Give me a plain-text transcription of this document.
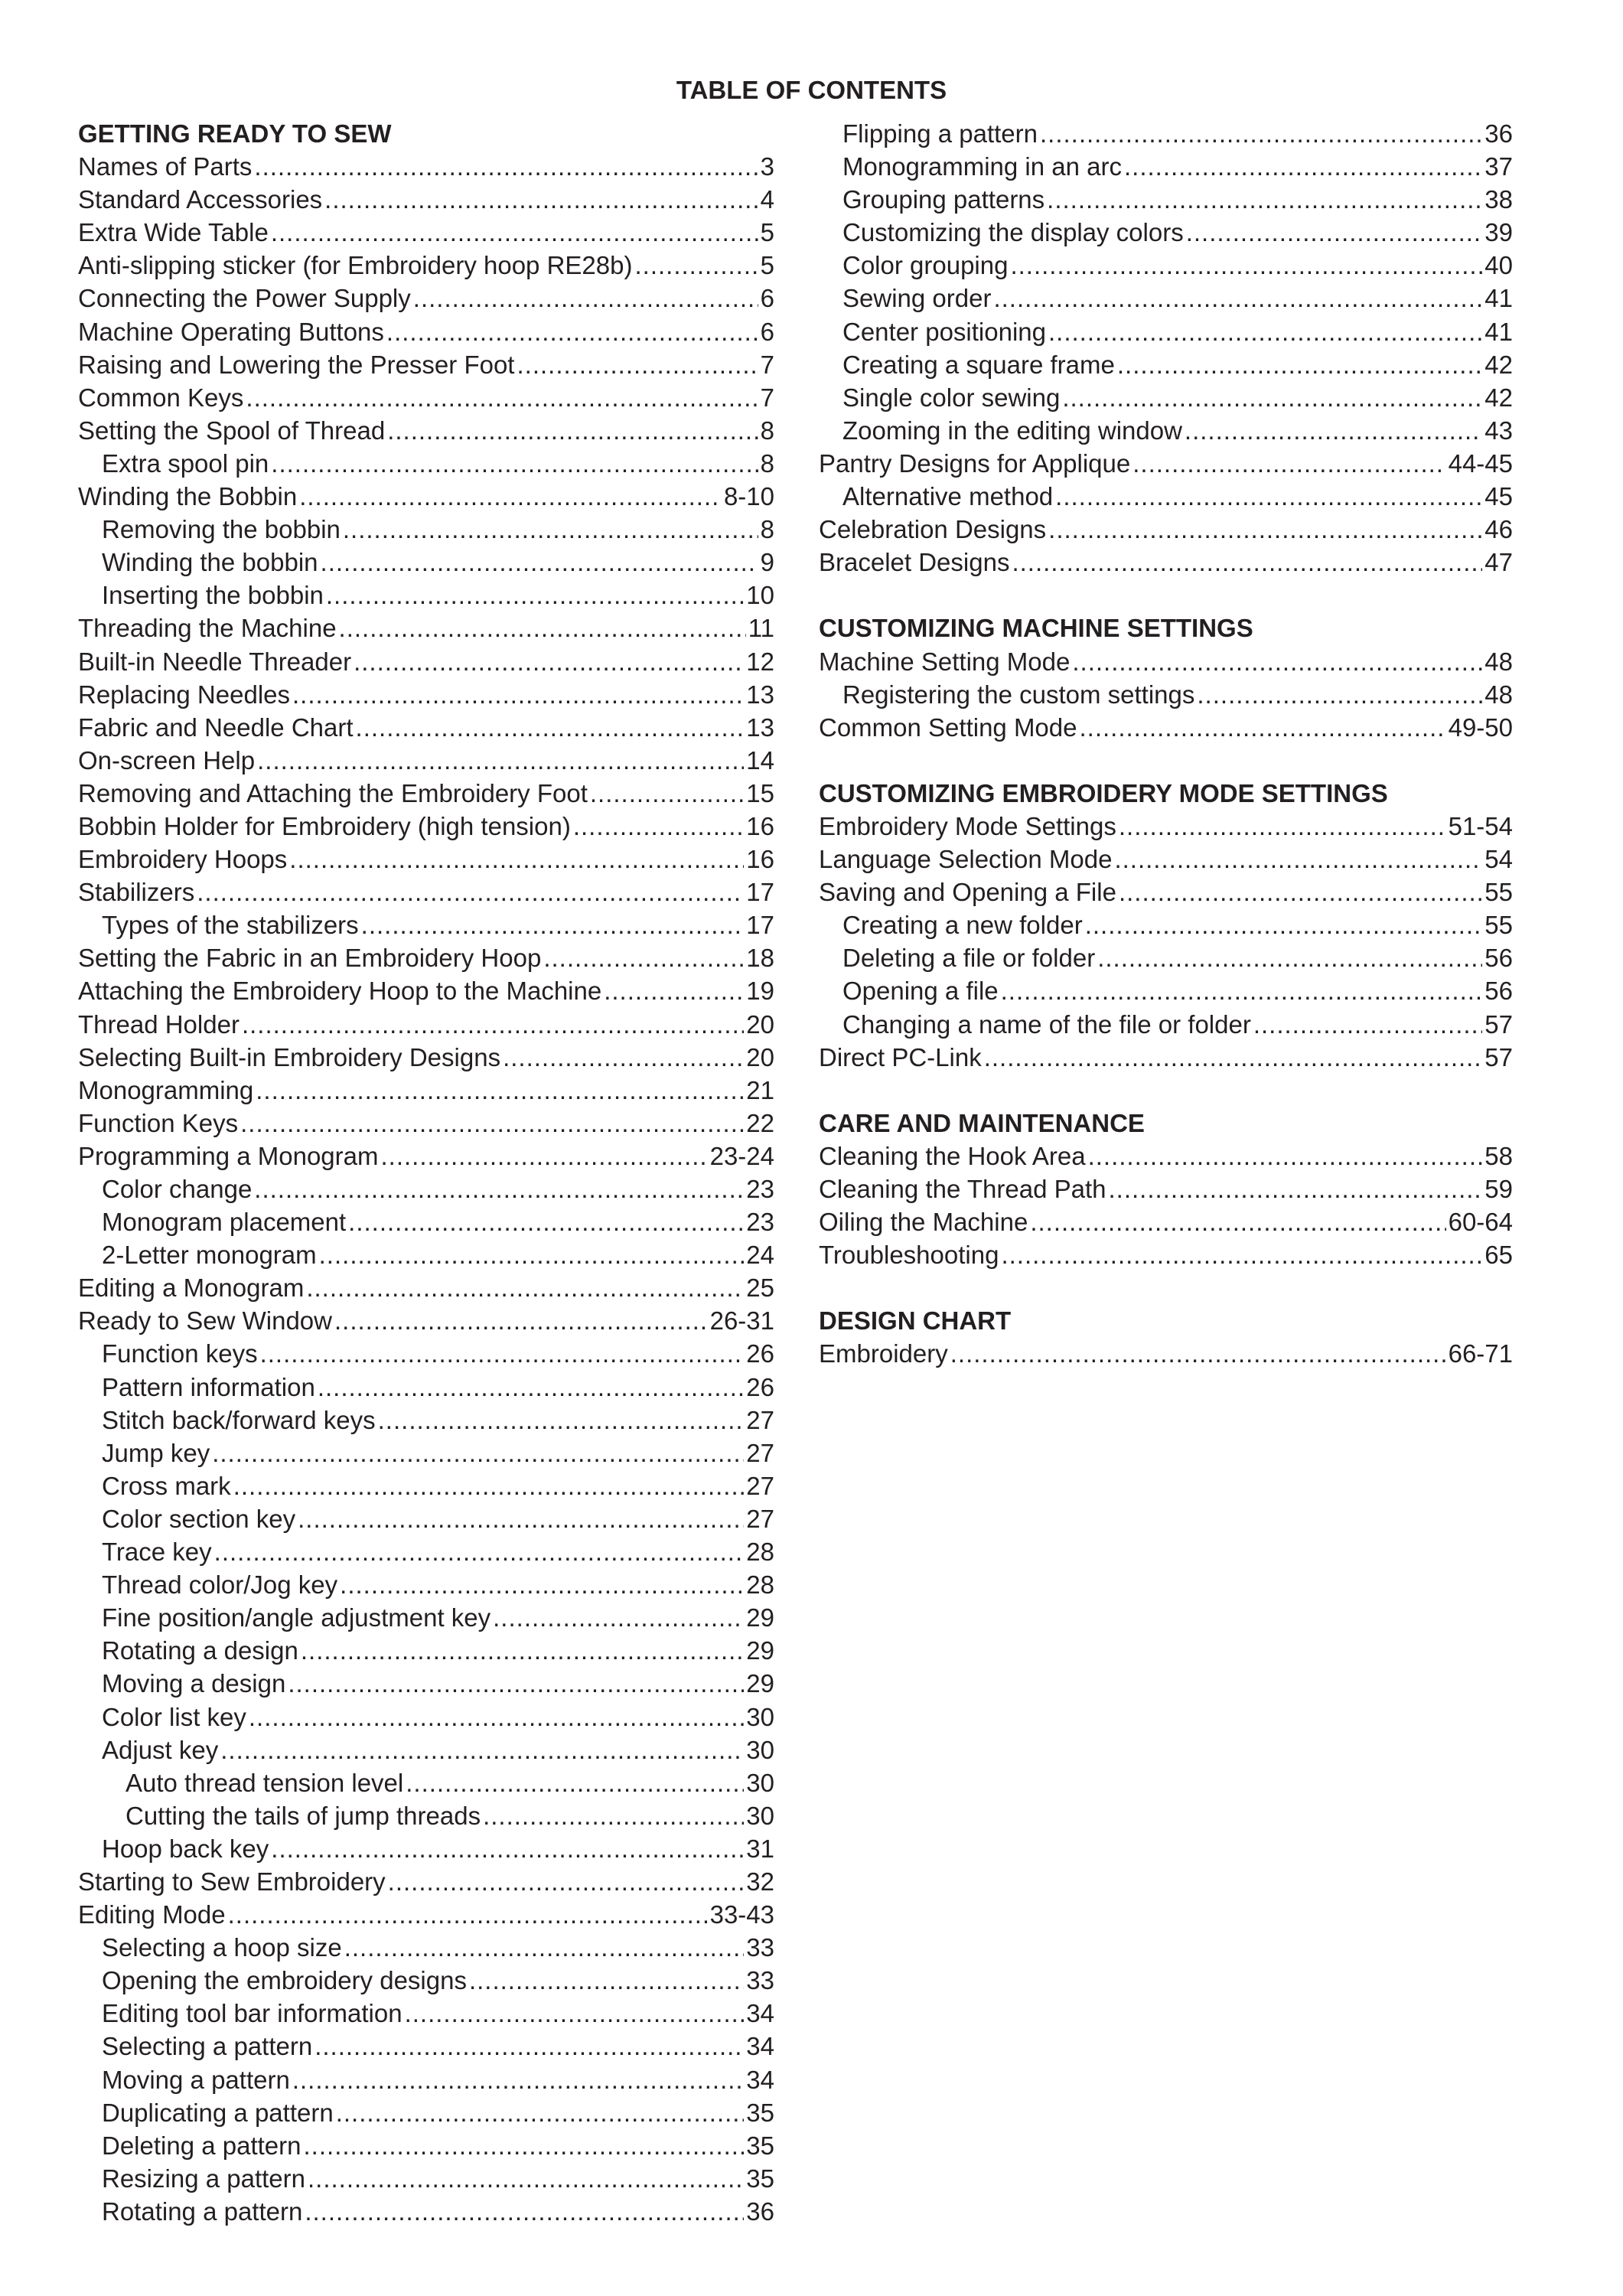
TABLE OF CONTENTS
GETTING READY TO SEW
Names of Parts .....	3
Standard Accessories .....	4
Extra Wide Table .....	5
Anti-slipping sticker (for Embroidery hoop RE28b) .....	5
Connecting the Power Supply .....	6
Machine Operating Buttons .....	6
Raising and Lowering the Presser Foot .....	7
Common Keys .....	7
Setting the Spool of Thread .....	8
Extra spool pin .....	8
Winding the Bobbin .....	8-10
Removing the bobbin .....	8
Winding the bobbin .....	9
Inserting the bobbin .....	10
Threading the Machine .....	11
Built-in Needle Threader .....	12
Replacing Needles .....	13
Fabric and Needle Chart .....	13
On-screen Help .....	14
Removing and Attaching the Embroidery Foot .....	15
Bobbin Holder for Embroidery (high tension) .....	16
Embroidery Hoops .....	16
Stabilizers .....	17
Types of the stabilizers .....	17
Setting the Fabric in an Embroidery Hoop .....	18
Attaching the Embroidery Hoop to the Machine .....	19
Thread Holder .....	20
Selecting Built-in Embroidery Designs .....	20
Monogramming .....	21
Function Keys .....	22
Programming a Monogram .....	23-24
Color change .....	23
Monogram placement .....	23
2-Letter monogram .....	24
Editing a Monogram .....	25
Ready to Sew Window .....	26-31
Function keys .....	26
Pattern information .....	26
Stitch back/forward keys .....	27
Jump key .....	27
Cross mark .....	27
Color section key .....	27
Trace key .....	28
Thread color/Jog key .....	28
Fine position/angle adjustment key .....	29
Rotating a design .....	29
Moving a design .....	29
Color list key .....	30
Adjust key .....	30
Auto thread tension level .....	30
Cutting the tails of jump threads .....	30
Hoop back key .....	31
Starting to Sew Embroidery .....	32
Editing Mode .....	33-43
Selecting a hoop size .....	33
Opening the embroidery designs .....	33
Editing tool bar information .....	34
Selecting a pattern .....	34
Moving a pattern .....	34
Duplicating a pattern .....	35
Deleting a pattern .....	35
Resizing a pattern .....	35
Rotating a pattern .....	36
Flipping a pattern .....	36
Monogramming in an arc .....	37
Grouping patterns .....	38
Customizing the display colors .....	39
Color grouping .....	40
Sewing order .....	41
Center positioning .....	41
Creating a square frame .....	42
Single color sewing .....	42
Zooming in the editing window .....	43
Pantry Designs for Applique .....	44-45
Alternative method .....	45
Celebration Designs .....	46
Bracelet Designs .....	47
CUSTOMIZING MACHINE SETTINGS
Machine Setting Mode .....	48
Registering the custom settings .....	48
Common Setting Mode .....	49-50
CUSTOMIZING EMBROIDERY MODE SETTINGS
Embroidery Mode Settings .....	51-54
Language Selection Mode .....	54
Saving and Opening a File .....	55
Creating a new folder .....	55
Deleting a file or folder .....	56
Opening a file .....	56
Changing a name of the file or folder .....	57
Direct PC-Link .....	57
CARE AND MAINTENANCE
Cleaning the Hook Area .....	58
Cleaning the Thread Path .....	59
Oiling the Machine .....	60-64
Troubleshooting .....	65
DESIGN CHART
Embroidery .....	66-71
